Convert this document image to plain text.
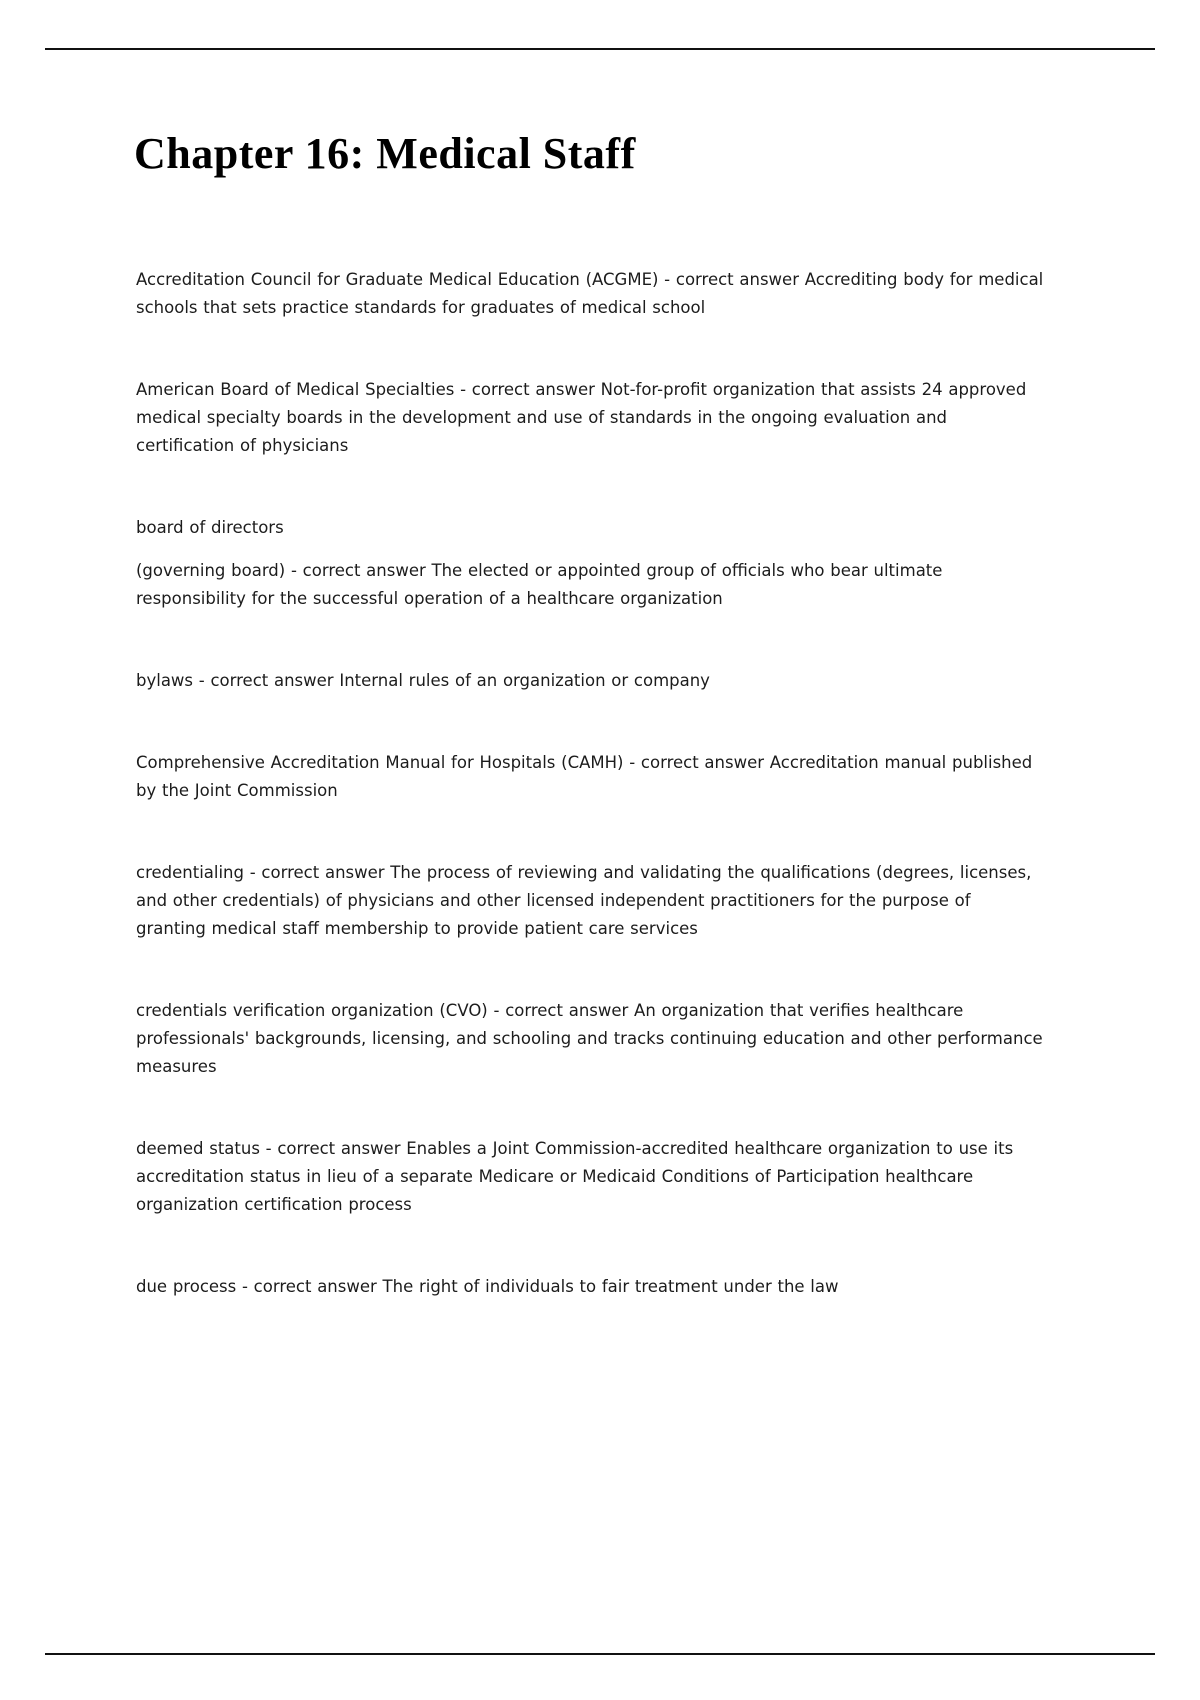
Chapter 16: Medical Staff

Accreditation Council for Graduate Medical Education (ACGME) - correct answer Accrediting body for medical schools that sets practice standards for graduates of medical school

American Board of Medical Specialties - correct answer Not-for-profit organization that assists 24 approved medical specialty boards in the development and use of standards in the ongoing evaluation and certification of physicians

board of directors

(governing board) - correct answer The elected or appointed group of officials who bear ultimate responsibility for the successful operation of a healthcare organization

bylaws - correct answer Internal rules of an organization or company

Comprehensive Accreditation Manual for Hospitals (CAMH) - correct answer Accreditation manual published by the Joint Commission

credentialing - correct answer The process of reviewing and validating the qualifications (degrees, licenses, and other credentials) of physicians and other licensed independent practitioners for the purpose of granting medical staff membership to provide patient care services

credentials verification organization (CVO) - correct answer An organization that verifies healthcare professionals' backgrounds, licensing, and schooling and tracks continuing education and other performance measures

deemed status - correct answer Enables a Joint Commission-accredited healthcare organization to use its accreditation status in lieu of a separate Medicare or Medicaid Conditions of Participation healthcare organization certification process

due process - correct answer The right of individuals to fair treatment under the law
